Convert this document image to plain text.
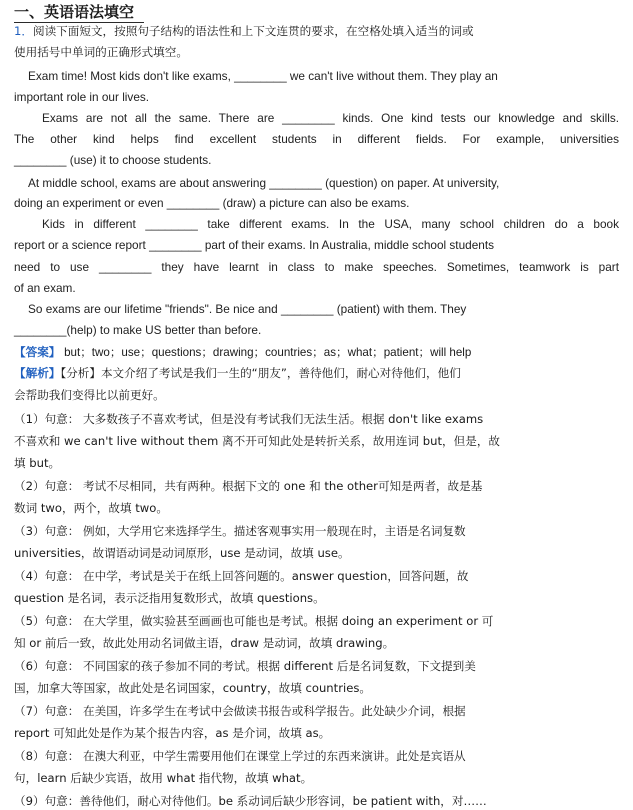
一、英语语法填空
1．阅读下面短文，按照句子结构的语法性和上下文连贯的要求，在空格处填入适当的词或
使用括号中单词的正确形式填空。
Exam time! Most kids don't like exams, ________ we can't live without them. They play an
important role in our lives.
Exams are not all the same. There are ________ kinds. One kind tests our knowledge and skills.
The other kind helps find excellent students in different fields. For example, universities
________ (use) it to choose students.
At middle school, exams are about answering ________ (question) on paper. At university,
doing an experiment or even ________ (draw) a picture can also be exams.
Kids in different ________ take different exams. In the USA, many school children do a book
report or a science report ________ part of their exams. In Australia, middle school students
need to use ________ they have learnt in class to make speeches. Sometimes, teamwork is part
of an exam.
So exams are our lifetime "friends". Be nice and ________ (patient) with them. They
________(help) to make US better than before.
【答案】 but；two；use；questions；drawing；countries；as；what；patient；will help
【解析】【分析】本文介绍了考试是我们一生的“朋友”，善待他们，耐心对待他们，他们
会帮助我们变得比以前更好。
（1）句意： 大多数孩子不喜欢考试，但是没有考试我们无法生活。根据 don't like exams
不喜欢和 we can't live without them 离不开可知此处是转折关系，故用连词 but，但是，故
填 but。
（2）句意： 考试不尽相同，共有两种。根据下文的 one 和 the other可知是两者，故是基
数词 two，两个，故填 two。
（3）句意： 例如，大学用它来选择学生。描述客观事实用一般现在时，主语是名词复数
universities，故谓语动词是动词原形，use 是动词，故填 use。
（4）句意： 在中学，考试是关于在纸上回答问题的。answer question，回答问题，故
question 是名词，表示泛指用复数形式，故填 questions。
（5）句意： 在大学里，做实验甚至画画也可能也是考试。根据 doing an experiment or 可
知 or 前后一致，故此处用动名词做主语，draw 是动词，故填 drawing。
（6）句意： 不同国家的孩子参加不同的考试。根据 different 后是名词复数，下文提到美
国，加拿大等国家，故此处是名词国家，country，故填 countries。
（7）句意： 在美国，许多学生在考试中会做读书报告或科学报告。此处缺少介词，根据
report 可知此处是作为某个报告内容，as 是介词，故填 as。
（8）句意： 在澳大利亚，中学生需要用他们在课堂上学过的东西来演讲。此处是宾语从
句，learn 后缺少宾语，故用 what 指代物，故填 what。
（9）句意：善待他们，耐心对待他们。be 系动词后缺少形容词，be patient with，对……
